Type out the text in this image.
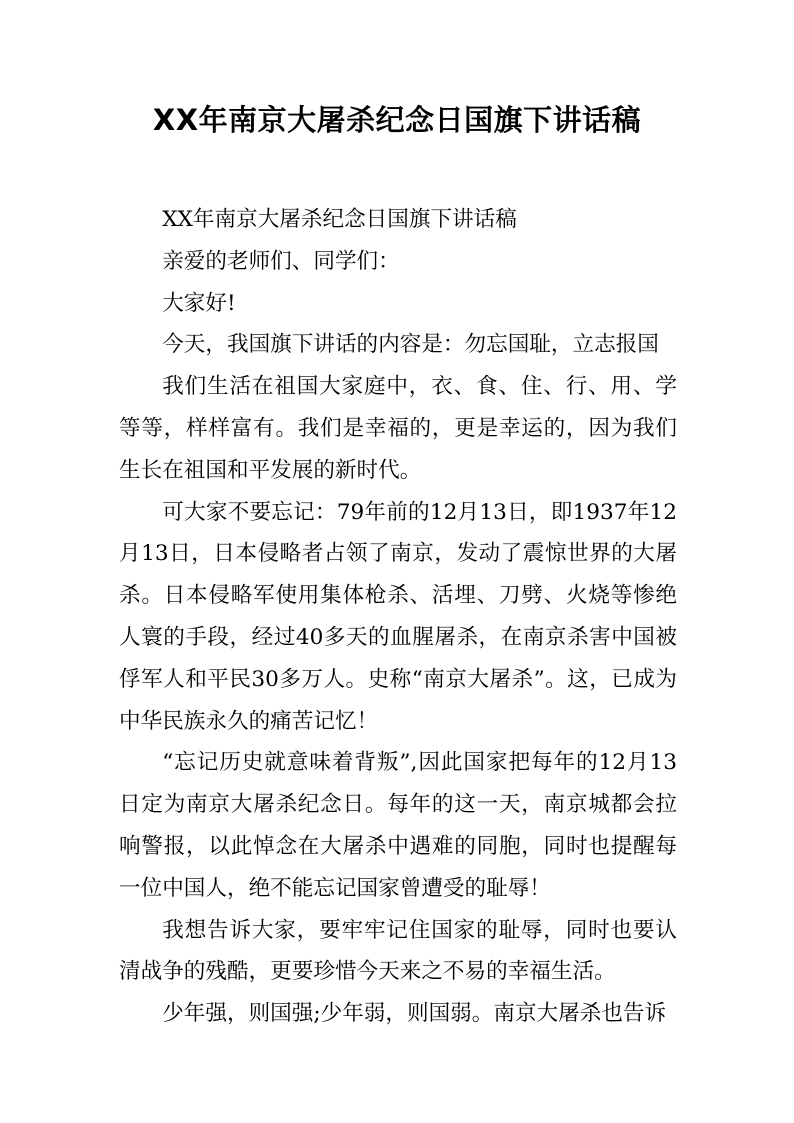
XX年南京大屠杀纪念日国旗下讲话稿

XX年南京大屠杀纪念日国旗下讲话稿

亲爱的老师们、同学们：

大家好!

今天，我国旗下讲话的内容是：勿忘国耻，立志报国

我们生活在祖国大家庭中，衣、食、住、行、用、学等等，样样富有。我们是幸福的，更是幸运的，因为我们生长在祖国和平发展的新时代。

可大家不要忘记：79年前的12月13日，即1937年12月13日，日本侵略者占领了南京，发动了震惊世界的大屠杀。日本侵略军使用集体枪杀、活埋、刀劈、火烧等惨绝人寰的手段，经过40多天的血腥屠杀，在南京杀害中国被俘军人和平民30多万人。史称“南京大屠杀”。这，已成为中华民族永久的痛苦记忆！

“忘记历史就意味着背叛”,因此国家把每年的12月13日定为南京大屠杀纪念日。每年的这一天，南京城都会拉响警报，以此悼念在大屠杀中遇难的同胞，同时也提醒每一位中国人，绝不能忘记国家曾遭受的耻辱！

我想告诉大家，要牢牢记住国家的耻辱，同时也要认清战争的残酷，更要珍惜今天来之不易的幸福生活。

少年强，则国强;少年弱，则国弱。南京大屠杀也告诉
